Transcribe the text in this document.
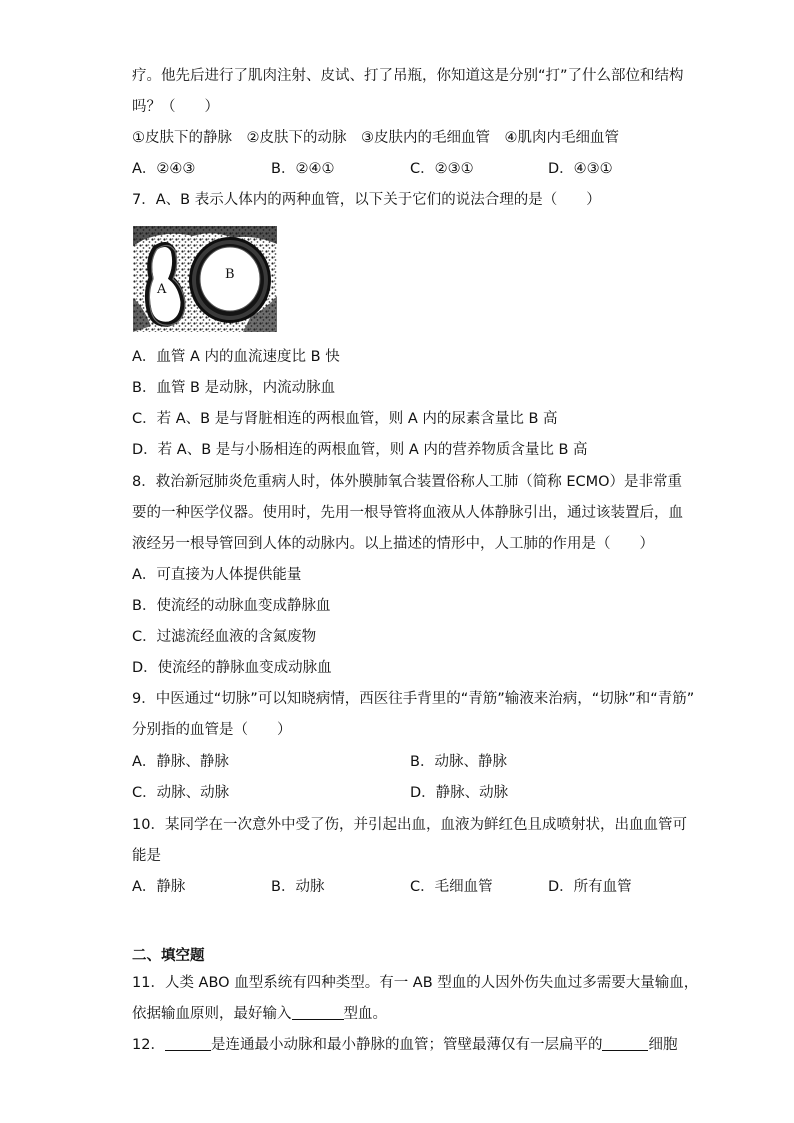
疗。他先后进行了肌肉注射、皮试、打了吊瓶，你知道这是分别“打”了什么部位和结构
吗？（　　）
①皮肤下的静脉　②皮肤下的动脉　③皮肤内的毛细血管　④肌肉内毛细血管
A．②④③	B．②④①	C．②③①	D．④③①
7．A、B 表示人体内的两种血管，以下关于它们的说法合理的是（　　）
A
B
A．血管 A 内的血流速度比 B 快
B．血管 B 是动脉，内流动脉血
C．若 A、B 是与肾脏相连的两根血管，则 A 内的尿素含量比 B 高
D．若 A、B 是与小肠相连的两根血管，则 A 内的营养物质含量比 B 高
8．救治新冠肺炎危重病人时，体外膜肺氧合装置俗称人工肺（简称 ECMO）是非常重
要的一种医学仪器。使用时，先用一根导管将血液从人体静脉引出，通过该装置后，血
液经另一根导管回到人体的动脉内。以上描述的情形中，人工肺的作用是（　　）
A．可直接为人体提供能量
B．使流经的动脉血变成静脉血
C．过滤流经血液的含氮废物
D．使流经的静脉血变成动脉血
9．中医通过“切脉”可以知晓病情，西医往手背里的“青筋”输液来治病，“切脉”和“青筋”
分别指的血管是（　　）
A．静脉、静脉	B．动脉、静脉
C．动脉、动脉	D．静脉、动脉
10．某同学在一次意外中受了伤，并引起出血，血液为鲜红色且成喷射状，出血血管可
能是
A．静脉	B．动脉	C．毛细血管	D．所有血管
二、填空题
11．人类 ABO 血型系统有四种类型。有一 AB 型血的人因外伤失血过多需要大量输血，
依据输血原则，最好输入	型血。
12．	是连通最小动脉和最小静脉的血管；管壁最薄仅有一层扁平的	细胞
